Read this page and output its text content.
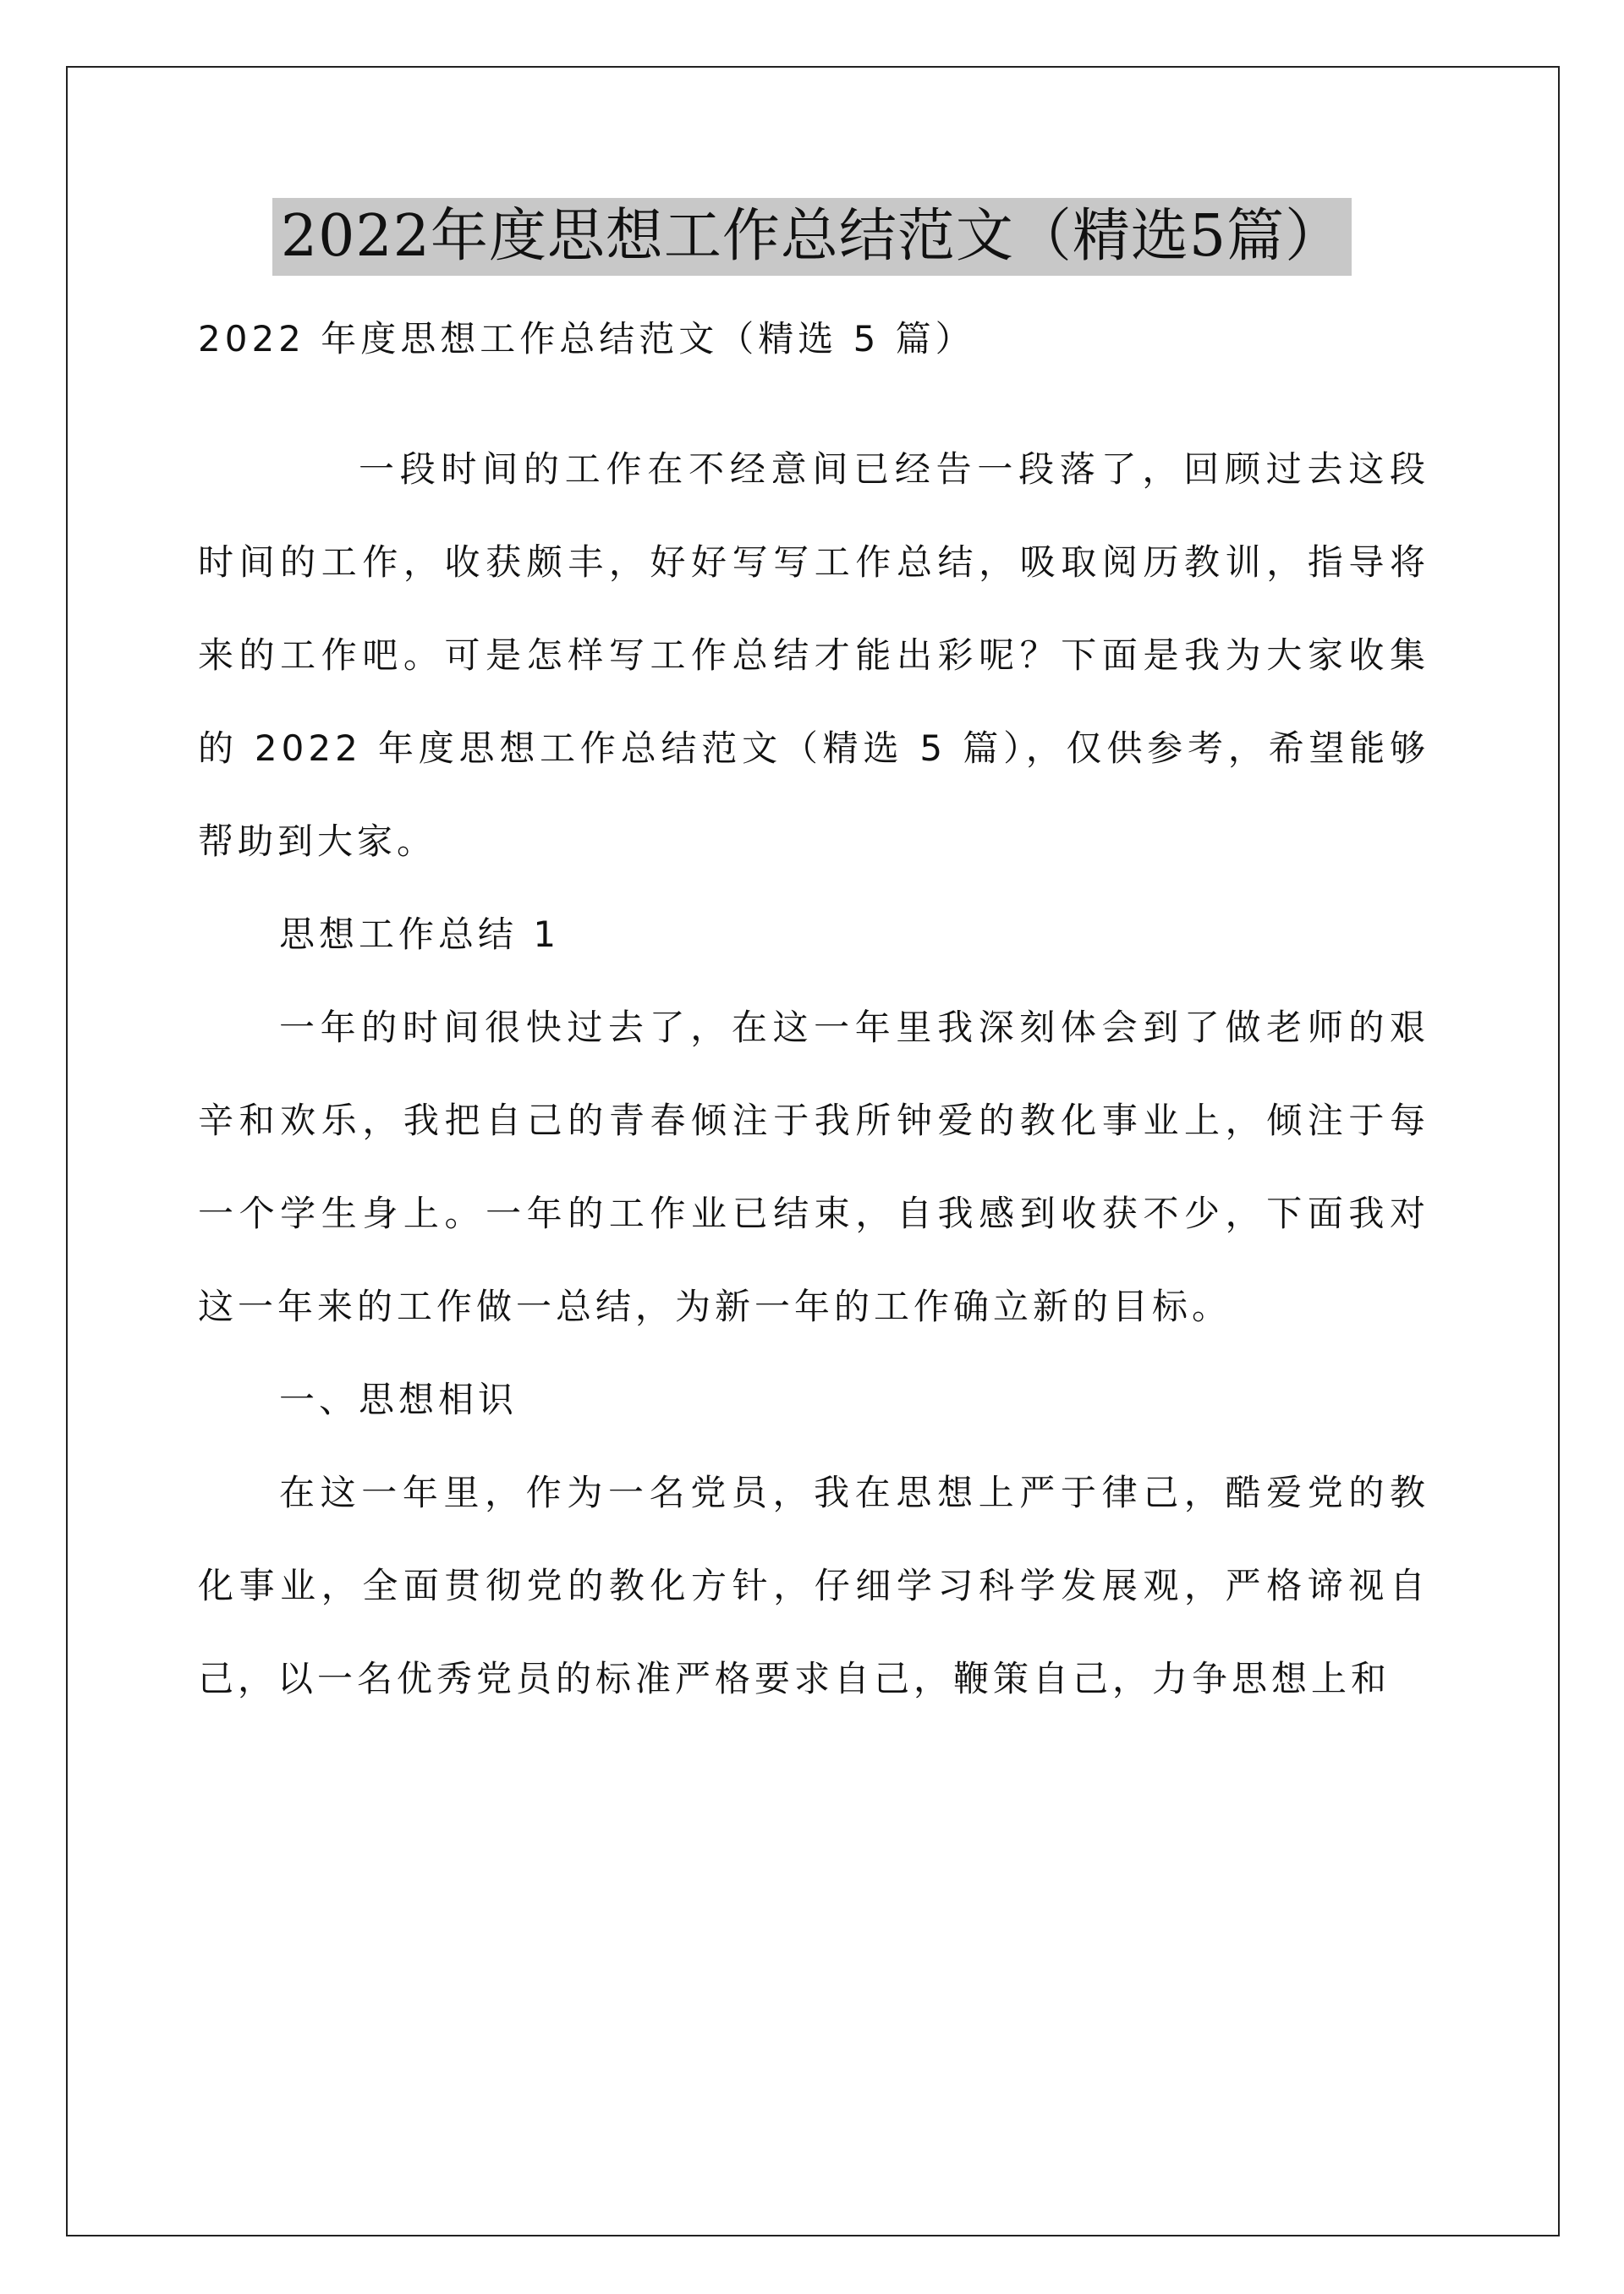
2022年度思想工作总结范文（精选5篇）

2022 年度思想工作总结范文（精选 5 篇）

一段时间的工作在不经意间已经告一段落了，回顾过去这段时间的工作，收获颇丰，好好写写工作总结，吸取阅历教训，指导将来的工作吧。可是怎样写工作总结才能出彩呢？下面是我为大家收集的 2022 年度思想工作总结范文（精选 5 篇），仅供参考，希望能够帮助到大家。

思想工作总结 1

一年的时间很快过去了，在这一年里我深刻体会到了做老师的艰辛和欢乐，我把自己的青春倾注于我所钟爱的教化事业上，倾注于每一个学生身上。一年的工作业已结束，自我感到收获不少，下面我对这一年来的工作做一总结，为新一年的工作确立新的目标。

一、思想相识

在这一年里，作为一名党员，我在思想上严于律己，酷爱党的教化事业，全面贯彻党的教化方针，仔细学习科学发展观，严格谛视自己，以一名优秀党员的标准严格要求自己，鞭策自己，力争思想上和
